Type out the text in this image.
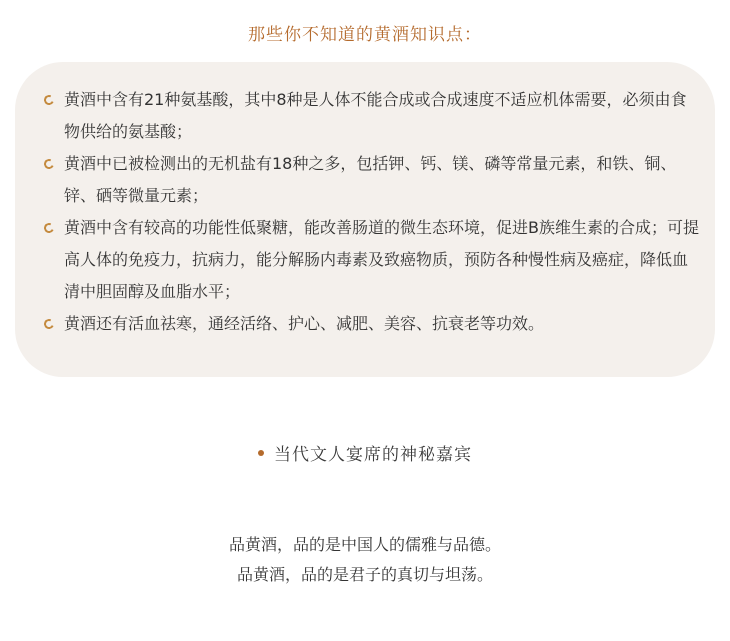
那些你不知道的黄酒知识点：
黄酒中含有21种氨基酸，其中8种是人体不能合成或合成速度不适应机体需要，必须由食物供给的氨基酸；
黄酒中已被检测出的无机盐有18种之多，包括钾、钙、镁、磷等常量元素，和铁、铜、锌、硒等微量元素；
黄酒中含有较高的功能性低聚糖，能改善肠道的微生态环境，促进B族维生素的合成；可提高人体的免疫力，抗病力，能分解肠内毒素及致癌物质，预防各种慢性病及癌症，降低血清中胆固醇及血脂水平；
黄酒还有活血祛寒，通经活络、护心、减肥、美容、抗衰老等功效。
当代文人宴席的神秘嘉宾

品黄酒，品的是中国人的儒雅与品德。

品黄酒，品的是君子的真切与坦荡。
